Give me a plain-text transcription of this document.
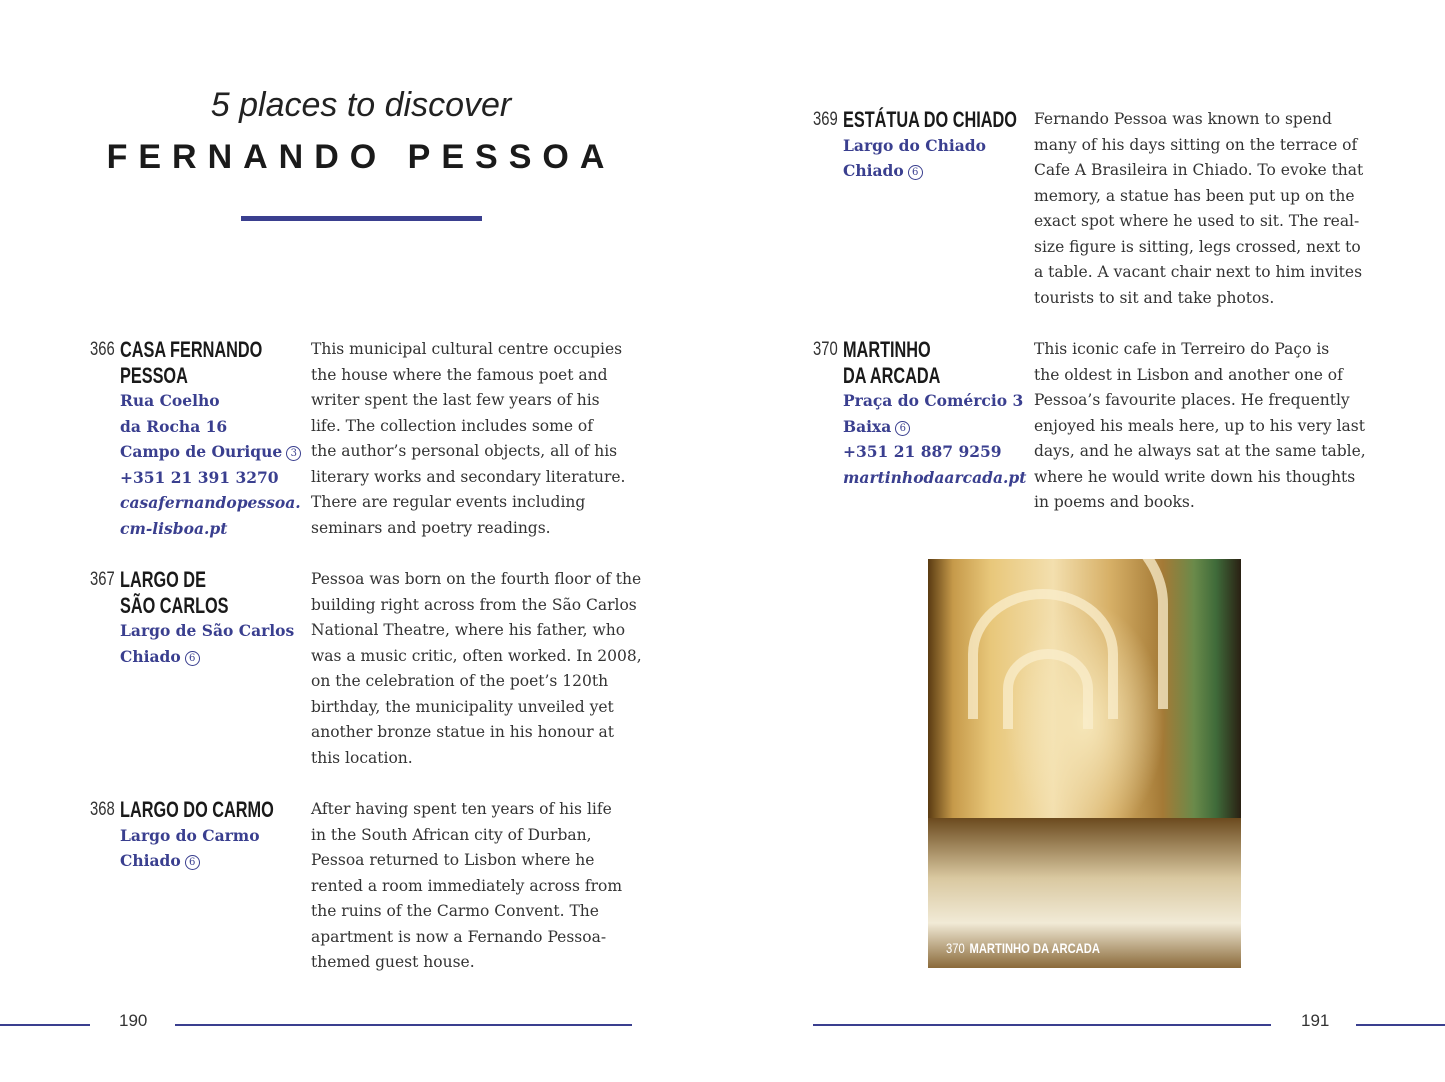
5 places to discover
FERNANDO PESSOA
366 CASA FERNANDO
PESSOA
Rua Coelho
da Rocha 16
Campo de Ourique 3
+351 21 391 3270
casafernandopessoa.
cm-lisboa.pt
This municipal cultural centre occupies
the house where the famous poet and
writer spent the last few years of his
life. The collection includes some of
the author’s personal objects, all of his
literary works and secondary literature.
There are regular events including
seminars and poetry readings.
367 LARGO DE
SÃO CARLOS
Largo de São Carlos
Chiado 6
Pessoa was born on the fourth floor of the
building right across from the São Carlos
National Theatre, where his father, who
was a music critic, often worked. In 2008,
on the celebration of the poet’s 120th
birthday, the municipality unveiled yet
another bronze statue in his honour at
this location.
368 LARGO DO CARMO
Largo do Carmo
Chiado 6
After having spent ten years of his life
in the South African city of Durban,
Pessoa returned to Lisbon where he
rented a room immediately across from
the ruins of the Carmo Convent. The
apartment is now a Fernando Pessoa-
themed guest house.
369 ESTÁTUA DO CHIADO
Largo do Chiado
Chiado 6
Fernando Pessoa was known to spend
many of his days sitting on the terrace of
Cafe A Brasileira in Chiado. To evoke that
memory, a statue has been put up on the
exact spot where he used to sit. The real-
size figure is sitting, legs crossed, next to
a table. A vacant chair next to him invites
tourists to sit and take photos.
370 MARTINHO
DA ARCADA
Praça do Comércio 3
Baixa 6
+351 21 887 9259
martinhodaarcada.pt
This iconic cafe in Terreiro do Paço is
the oldest in Lisbon and another one of
Pessoa’s favourite places. He frequently
enjoyed his meals here, up to his very last
days, and he always sat at the same table,
where he would write down his thoughts
in poems and books.
370 MARTINHO DA ARCADA
190	191
